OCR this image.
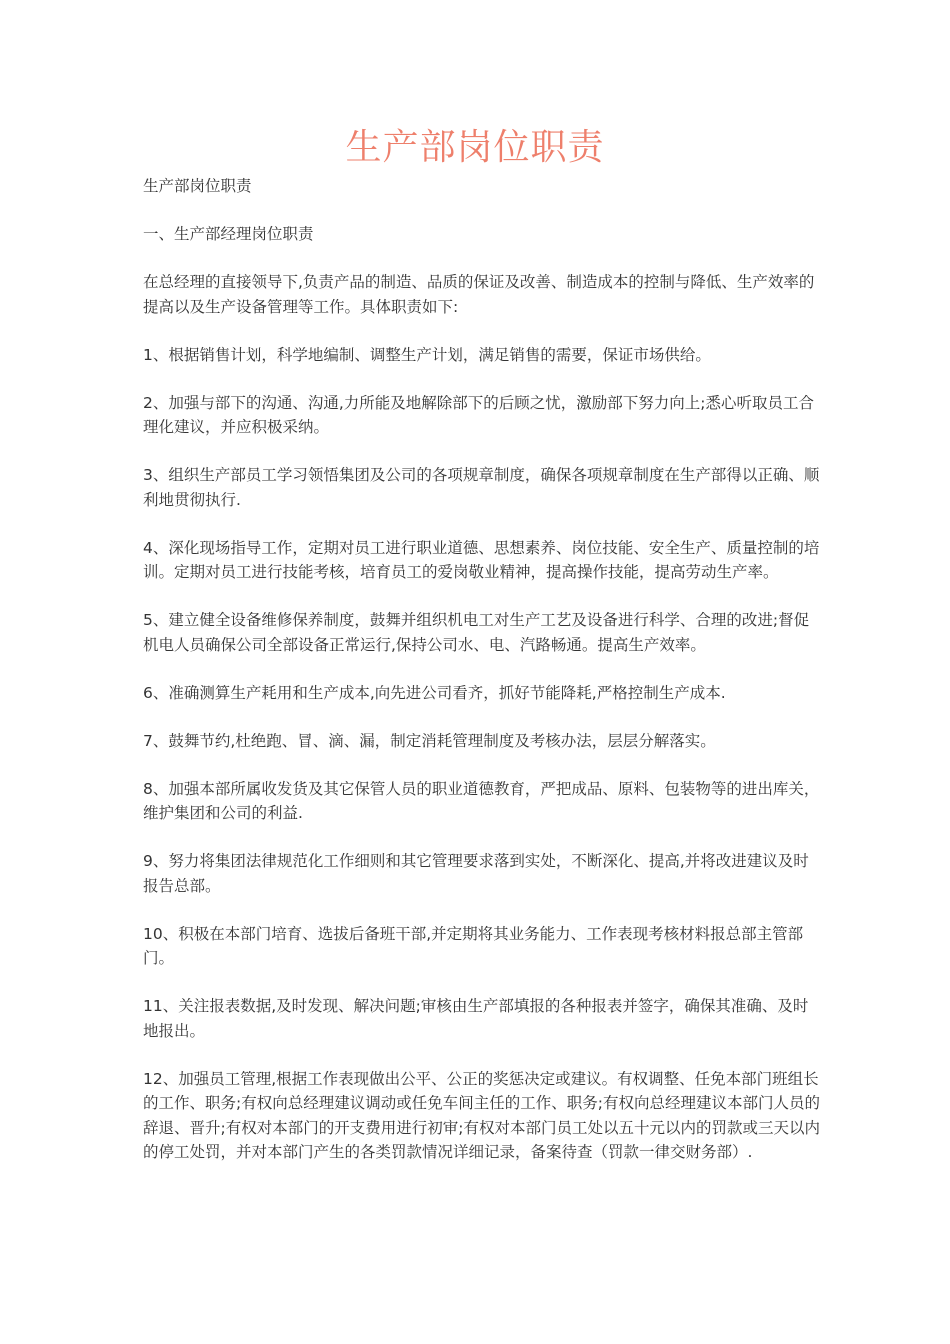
生产部岗位职责

生产部岗位职责

一、生产部经理岗位职责

在总经理的直接领导下,负责产品的制造、品质的保证及改善、制造成本的控制与降低、生产效率的提高以及生产设备管理等工作。具体职责如下:

1、根据销售计划，科学地编制、调整生产计划，满足销售的需要，保证市场供给。

2、加强与部下的沟通、沟通,力所能及地解除部下的后顾之忧，激励部下努力向上;悉心听取员工合理化建议，并应积极采纳。

3、组织生产部员工学习领悟集团及公司的各项规章制度，确保各项规章制度在生产部得以正确、顺利地贯彻执行.

4、深化现场指导工作，定期对员工进行职业道德、思想素养、岗位技能、安全生产、质量控制的培训。定期对员工进行技能考核，培育员工的爱岗敬业精神，提高操作技能，提高劳动生产率。

5、建立健全设备维修保养制度，鼓舞并组织机电工对生产工艺及设备进行科学、合理的改进;督促机电人员确保公司全部设备正常运行,保持公司水、电、汽路畅通。提高生产效率。

6、准确测算生产耗用和生产成本,向先进公司看齐，抓好节能降耗,严格控制生产成本.

7、鼓舞节约,杜绝跑、冒、滴、漏，制定消耗管理制度及考核办法，层层分解落实。

8、加强本部所属收发货及其它保管人员的职业道德教育，严把成品、原料、包装物等的进出库关，维护集团和公司的利益.

9、努力将集团法律规范化工作细则和其它管理要求落到实处，不断深化、提高,并将改进建议及时报告总部。

10、积极在本部门培育、选拔后备班干部,并定期将其业务能力、工作表现考核材料报总部主管部门。

11、关注报表数据,及时发现、解决问题;审核由生产部填报的各种报表并签字，确保其准确、及时地报出。

12、加强员工管理,根据工作表现做出公平、公正的奖惩决定或建议。有权调整、任免本部门班组长的工作、职务;有权向总经理建议调动或任免车间主任的工作、职务;有权向总经理建议本部门人员的辞退、晋升;有权对本部门的开支费用进行初审;有权对本部门员工处以五十元以内的罚款或三天以内的停工处罚，并对本部门产生的各类罚款情况详细记录，备案待查（罚款一律交财务部）.
